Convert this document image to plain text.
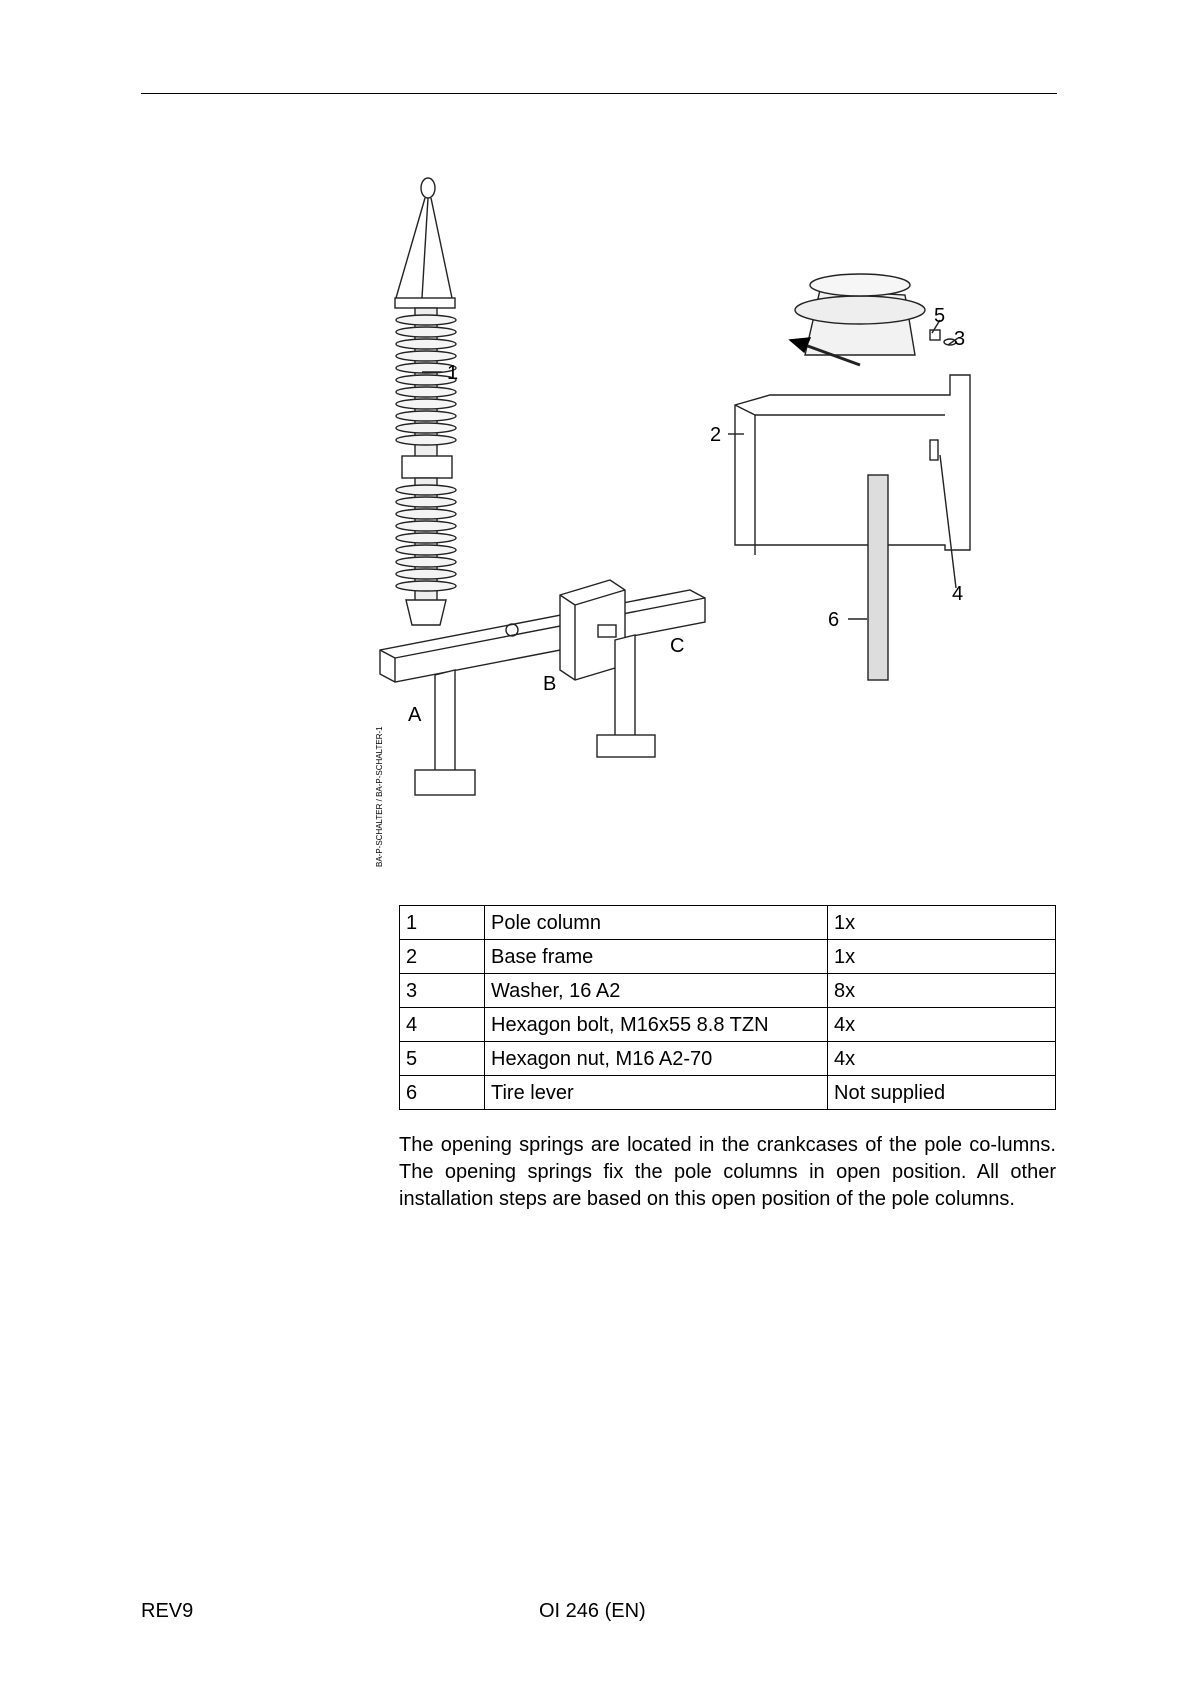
1
2
3
4
5
6
A
B
C
BA-P-SCHALTER / BA-P-SCHALTER-1
1	Pole column	1x
2	Base frame	1x
3	Washer, 16 A2	8x
4	Hexagon bolt, M16x55 8.8 TZN	4x
5	Hexagon nut, M16 A2-70	4x
6	Tire lever	Not supplied

The opening springs are located in the crankcases of the pole co-lumns. The opening springs fix the pole columns in open position. All other installation steps are based on this open position of the pole columns.

REV9	OI 246 (EN)
